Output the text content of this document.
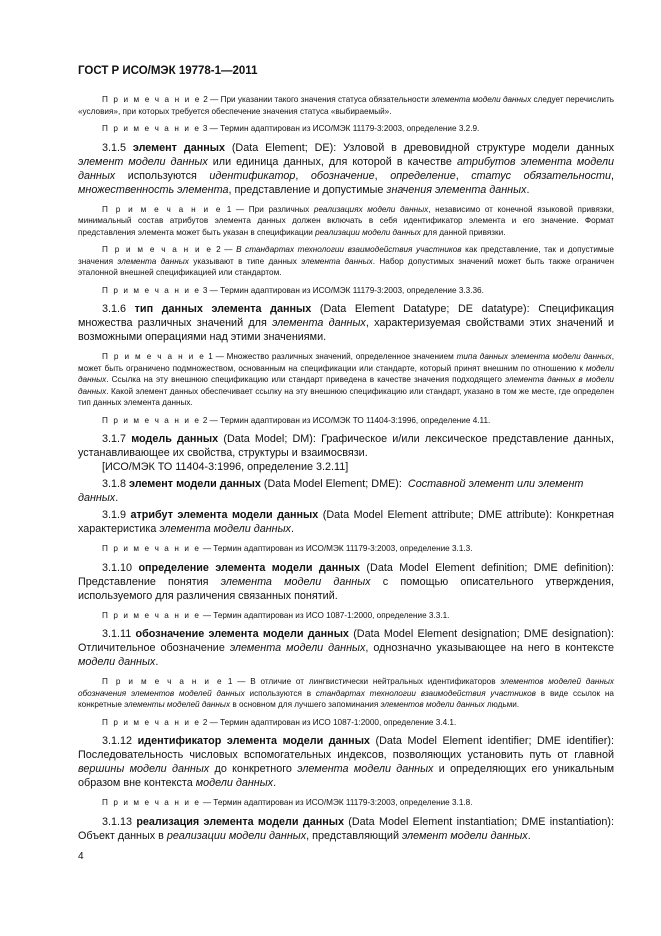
ГОСТ Р ИСО/МЭК 19778-1—2011

П р и м е ч а н и е 2 — При указании такого значения статуса обязательности элемента модели данных следует перечислить «условия», при которых требуется обеспечение значения статуса «выбираемый».

П р и м е ч а н и е 3 — Термин адаптирован из ИСО/МЭК 11179-3:2003, определение 3.2.9.

3.1.5 элемент данных (Data Element; DE): Узловой в древовидной структуре модели данных элемент модели данных или единица данных, для которой в качестве атрибутов элемента модели данных используются идентификатор, обозначение, определение, статус обязательности, множественность элемента, представление и допустимые значения элемента данных.

П р и м е ч а н и е 1 — При различных реализациях модели данных, независимо от конечной языковой привязки, минимальный состав атрибутов элемента данных должен включать в себя идентификатор элемента и его значение. Формат представления элемента может быть указан в спецификации реализации модели данных для данной привязки.

П р и м е ч а н и е 2 — В стандартах технологии взаимодействия участников как представление, так и допустимые значения элемента данных указывают в типе данных элемента данных. Набор допустимых значений может быть также ограничен эталонной внешней спецификацией или стандартом.

П р и м е ч а н и е 3 — Термин адаптирован из ИСО/МЭК 11179-3:2003, определение 3.3.36.

3.1.6 тип данных элемента данных (Data Element Datatype; DE datatype): Спецификация множества различных значений для элемента данных, характеризуемая свойствами этих значений и возможными операциями над этими значениями.

П р и м е ч а н и е 1 — Множество различных значений, определенное значением типа данных элемента модели данных, может быть ограничено подмножеством, основанным на спецификации или стандарте, который принят внешним по отношению к модели данных. Ссылка на эту внешнюю спецификацию или стандарт приведена в качестве значения подходящего элемента данных в модели данных. Какой элемент данных обеспечивает ссылку на эту внешнюю спецификацию или стандарт, указано в том же месте, где определен тип данных элемента данных.

П р и м е ч а н и е 2 — Термин адаптирован из ИСО/МЭК ТО 11404-3:1996, определение 4.11.

3.1.7 модель данных (Data Model; DM): Графическое и/или лексическое представление данных, устанавливающее их свойства, структуры и взаимосвязи.

[ИСО/МЭК ТО 11404-3:1996, определение 3.2.11]

3.1.8 элемент модели данных (Data Model Element; DME):  Составной элемент или элемент данных.

3.1.9 атрибут элемента модели данных (Data Model Element attribute; DME attribute): Конкретная характеристика элемента модели данных.

П р и м е ч а н и е — Термин адаптирован из ИСО/МЭК 11179-3:2003, определение 3.1.3.

3.1.10 определение элемента модели данных (Data Model Element definition; DME definition): Представление понятия элемента модели данных с помощью описательного утверждения, используемого для различения связанных понятий.

П р и м е ч а н и е — Термин адаптирован из ИСО 1087-1:2000, определение 3.3.1.

3.1.11 обозначение элемента модели данных (Data Model Element designation; DME designation): Отличительное обозначение элемента модели данных, однозначно указывающее на него в контексте модели данных.

П р и м е ч а н и е 1 — В отличие от лингвистически нейтральных идентификаторов элементов моделей данных обозначения элементов моделей данных используются в стандартах технологии взаимодействия участников в виде ссылок на конкретные элементы моделей данных в основном для лучшего запоминания элементов модели данных людьми.

П р и м е ч а н и е 2 — Термин адаптирован из ИСО 1087-1:2000, определение 3.4.1.

3.1.12 идентификатор элемента модели данных (Data Model Element identifier; DME identifier): Последовательность числовых вспомогательных индексов, позволяющих установить путь от главной вершины модели данных до конкретного элемента модели данных и определяющих его уникальным образом вне контекста модели данных.

П р и м е ч а н и е — Термин адаптирован из ИСО/МЭК 11179-3:2003, определение 3.1.8.

3.1.13 реализация элемента модели данных (Data Model Element instantiation; DME instantiation): Объект данных в реализации модели данных, представляющий элемент модели данных.

4
